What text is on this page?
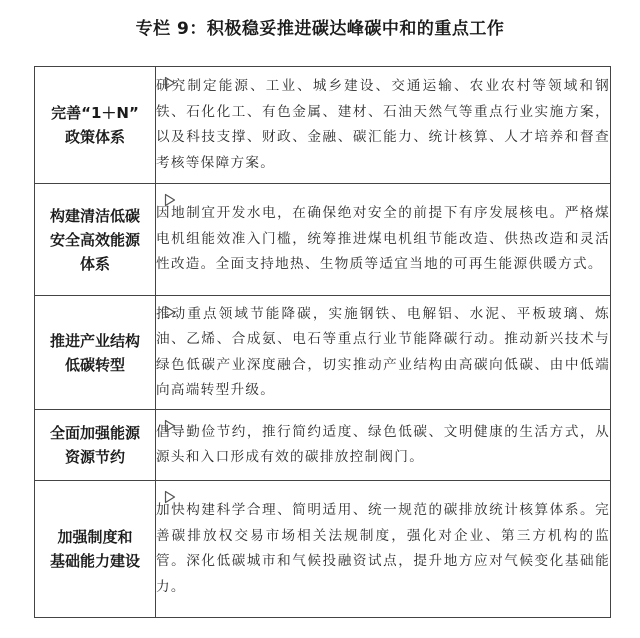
专栏 9：积极稳妥推进碳达峰碳中和的重点工作
完善“1＋N”
政策体系	研究制定能源、工业、城乡建设、交通运输、农业农村等领域和钢铁、石化化工、有色金属、建材、石油天然气等重点行业实施方案，以及科技支撑、财政、金融、碳汇能力、统计核算、人才培养和督查考核等保障方案。

构建清洁低碳
安全高效能源
体系	因地制宜开发水电，在确保绝对安全的前提下有序发展核电。严格煤电机组能效准入门槛，统筹推进煤电机组节能改造、供热改造和灵活性改造。全面支持地热、生物质等适宜当地的可再生能源供暖方式。

推进产业结构
低碳转型	推动重点领域节能降碳，实施钢铁、电解铝、水泥、平板玻璃、炼油、乙烯、合成氨、电石等重点行业节能降碳行动。推动新兴技术与绿色低碳产业深度融合，切实推动产业结构由高碳向低碳、由中低端向高端转型升级。

全面加强能源
资源节约	倡导勤俭节约，推行简约适度、绿色低碳、文明健康的生活方式，从源头和入口形成有效的碳排放控制阀门。

加强制度和
基础能力建设	加快构建科学合理、简明适用、统一规范的碳排放统计核算体系。完善碳排放权交易市场相关法规制度，强化对企业、第三方机构的监管。深化低碳城市和气候投融资试点，提升地方应对气候变化基础能力。
